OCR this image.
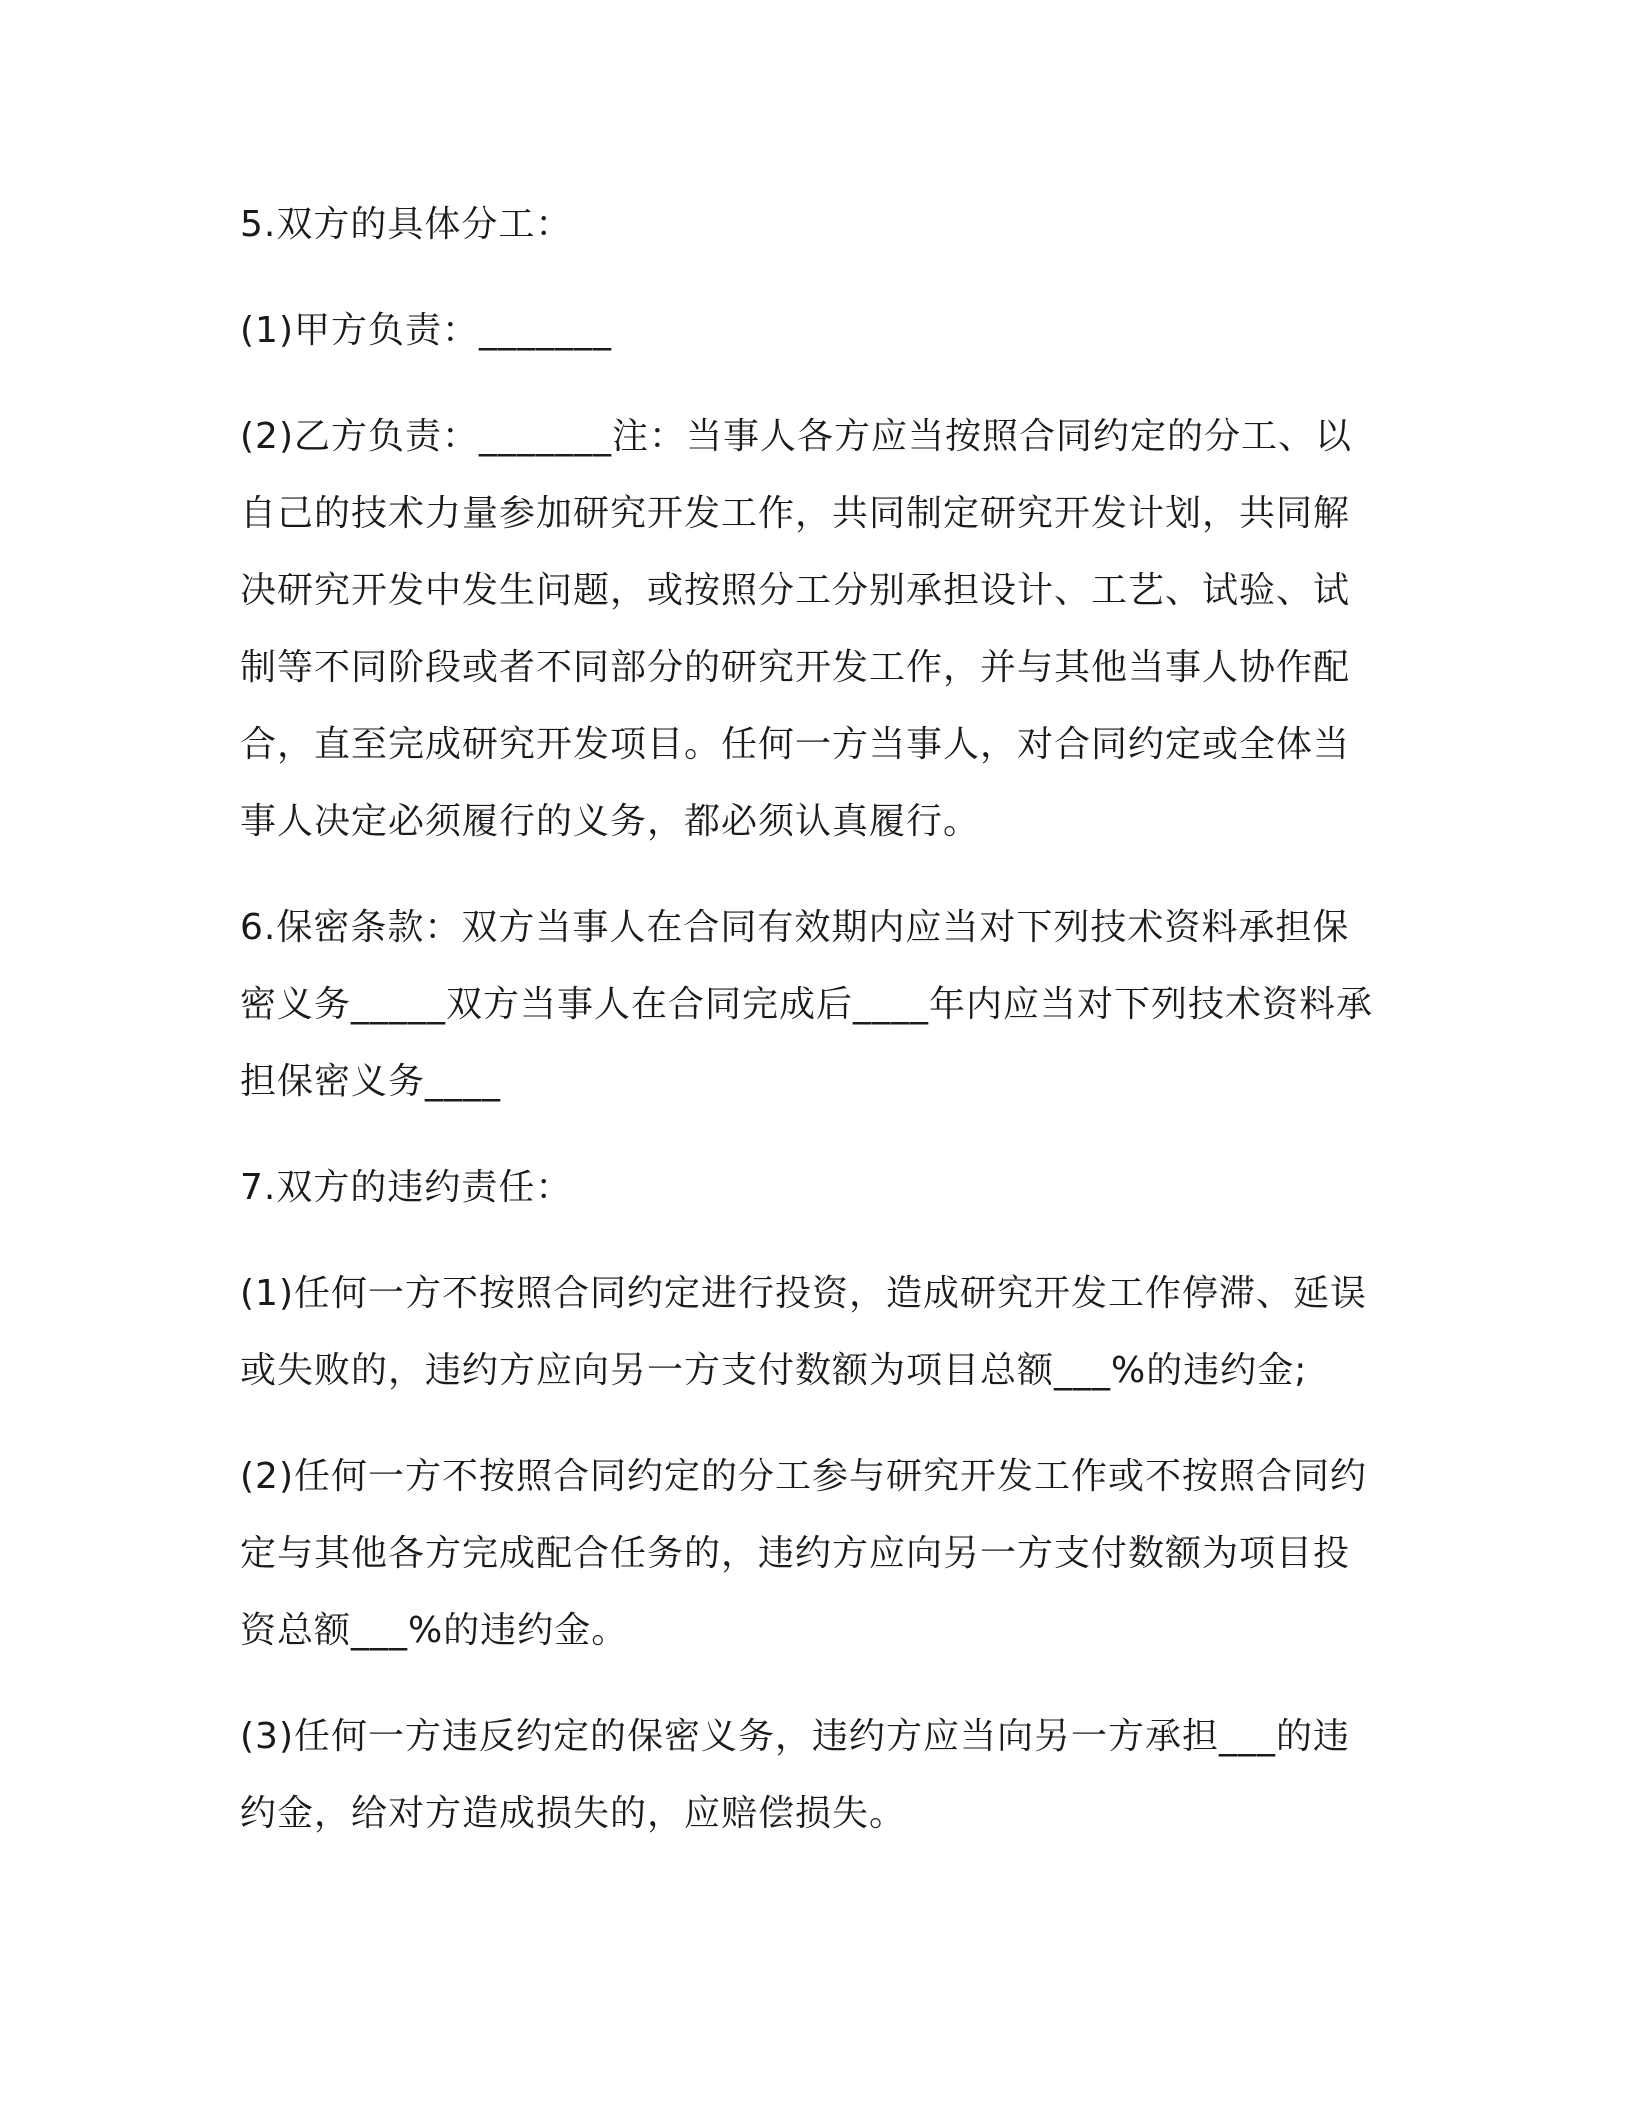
5.双方的具体分工：

(1)甲方负责：_______

(2)乙方负责：_______注：当事人各方应当按照合同约定的分工、以自己的技术力量参加研究开发工作，共同制定研究开发计划，共同解决研究开发中发生问题，或按照分工分别承担设计、工艺、试验、试制等不同阶段或者不同部分的研究开发工作，并与其他当事人协作配合，直至完成研究开发项目。任何一方当事人，对合同约定或全体当事人决定必须履行的义务，都必须认真履行。

6.保密条款：双方当事人在合同有效期内应当对下列技术资料承担保密义务_____双方当事人在合同完成后____年内应当对下列技术资料承担保密义务____

7.双方的违约责任：

(1)任何一方不按照合同约定进行投资，造成研究开发工作停滞、延误或失败的，违约方应向另一方支付数额为项目总额___%的违约金;

(2)任何一方不按照合同约定的分工参与研究开发工作或不按照合同约定与其他各方完成配合任务的，违约方应向另一方支付数额为项目投资总额___%的违约金。

(3)任何一方违反约定的保密义务，违约方应当向另一方承担___的违约金，给对方造成损失的，应赔偿损失。
